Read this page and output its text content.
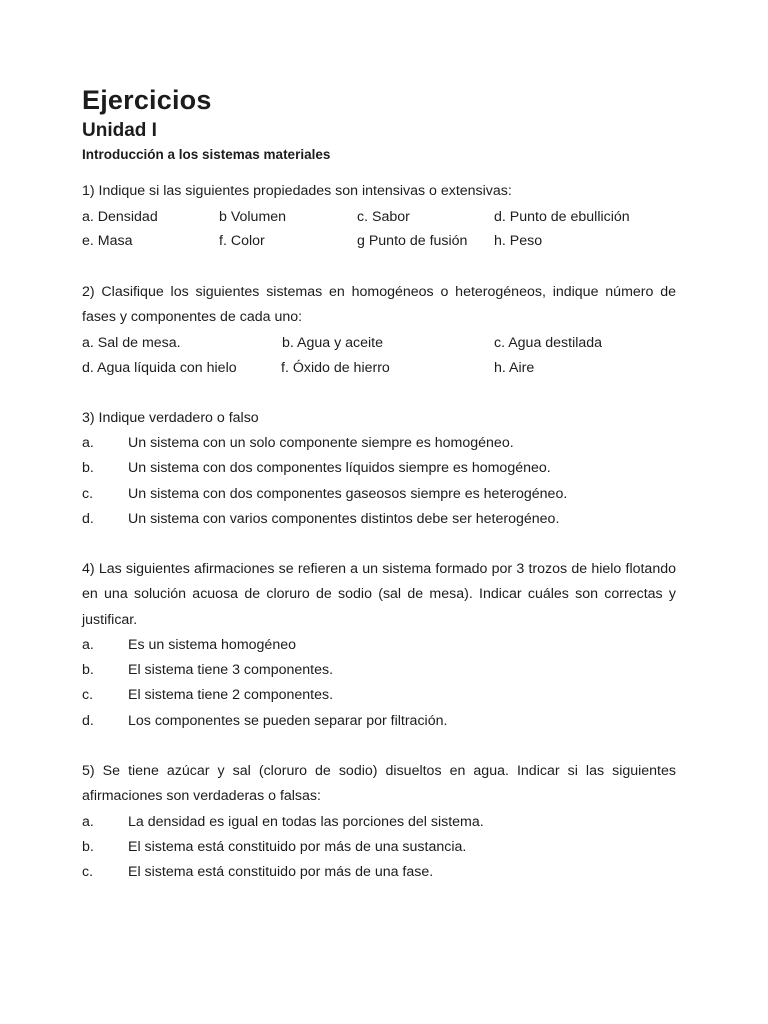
Ejercicios
Unidad I
Introducción a los sistemas materiales
1) Indique si las siguientes propiedades son intensivas o extensivas:
a. Densidad	b Volumen	c. Sabor	d. Punto de ebullición
e. Masa	f. Color	g Punto de fusión h. Peso

2) Clasifique los siguientes sistemas en homogéneos o heterogéneos, indique número de fases y componentes de cada uno:

a. Sal de mesa.	b. Agua y aceite	c. Agua destilada
d. Agua líquida con hielo	f. Óxido de hierro	h. Aire
3) Indique verdadero o falso
a. Un sistema con un solo componente siempre es homogéneo.
b. Un sistema con dos componentes líquidos siempre es homogéneo.
c. Un sistema con dos componentes gaseosos siempre es heterogéneo.
d. Un sistema con varios componentes distintos debe ser heterogéneo.

4) Las siguientes afirmaciones se refieren a un sistema formado por 3 trozos de hielo flotando en una solución acuosa de cloruro de sodio (sal de mesa). Indicar cuáles son correctas y justificar.

a. Es un sistema homogéneo
b. El sistema tiene 3 componentes.
c. El sistema tiene 2 componentes.
d. Los componentes se pueden separar por filtración.

5) Se tiene azúcar y sal (cloruro de sodio) disueltos en agua. Indicar si las siguientes afirmaciones son verdaderas o falsas:

a. La densidad es igual en todas las porciones del sistema.
b. El sistema está constituido por más de una sustancia.
c. El sistema está constituido por más de una fase.
